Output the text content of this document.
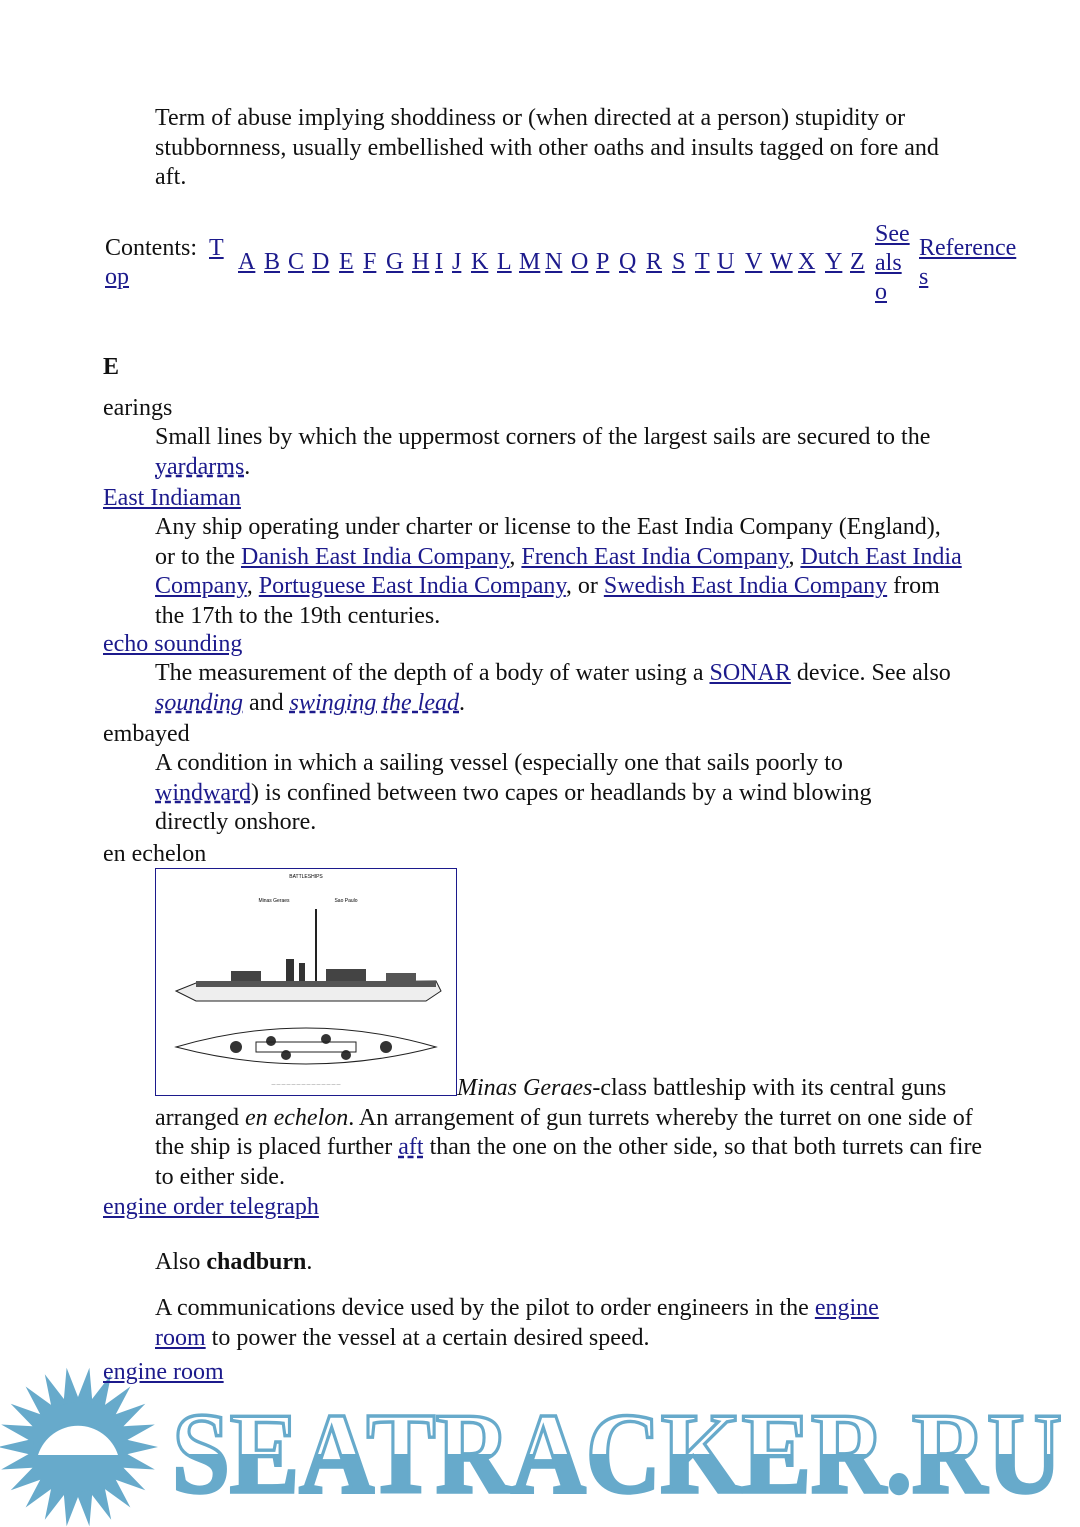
Term of abuse implying shoddiness or (when directed at a person) stupidity or stubbornness, usually embellished with other oaths and insults tagged on fore and aft.
Contents: T
op
A B C D E F G H I J K L M N O P Q R S T U V W X Y Z
See
als
o
Reference
s
E
earings
Small lines by which the uppermost corners of the largest sails are secured to the yardarms.
East Indiaman
Any ship operating under charter or license to the East India Company (England), or to the Danish East India Company, French East India Company, Dutch East India Company, Portuguese East India Company, or Swedish East India Company from the 17th to the 19th centuries.
echo sounding
The measurement of the depth of a body of water using a SONAR device. See also sounding and swinging the lead.
embayed
A condition in which a sailing vessel (especially one that sails poorly to windward) is confined between two capes or headlands by a wind blowing directly onshore.
en echelon
BATTLESHIPS
Minas Geraes	Sao Paulo
— — — — — — — — — — — — — —	Minas Geraes-class battleship with its central guns arranged en echelon. An arrangement of gun turrets whereby the turret on one side of the ship is placed further aft than the one on the other side, so that both turrets can fire to either side.
engine order telegraph
Also chadburn.
A communications device used by the pilot to order engineers in the engine room to power the vessel at a certain desired speed.
engine room
SEATRACKER.RU
